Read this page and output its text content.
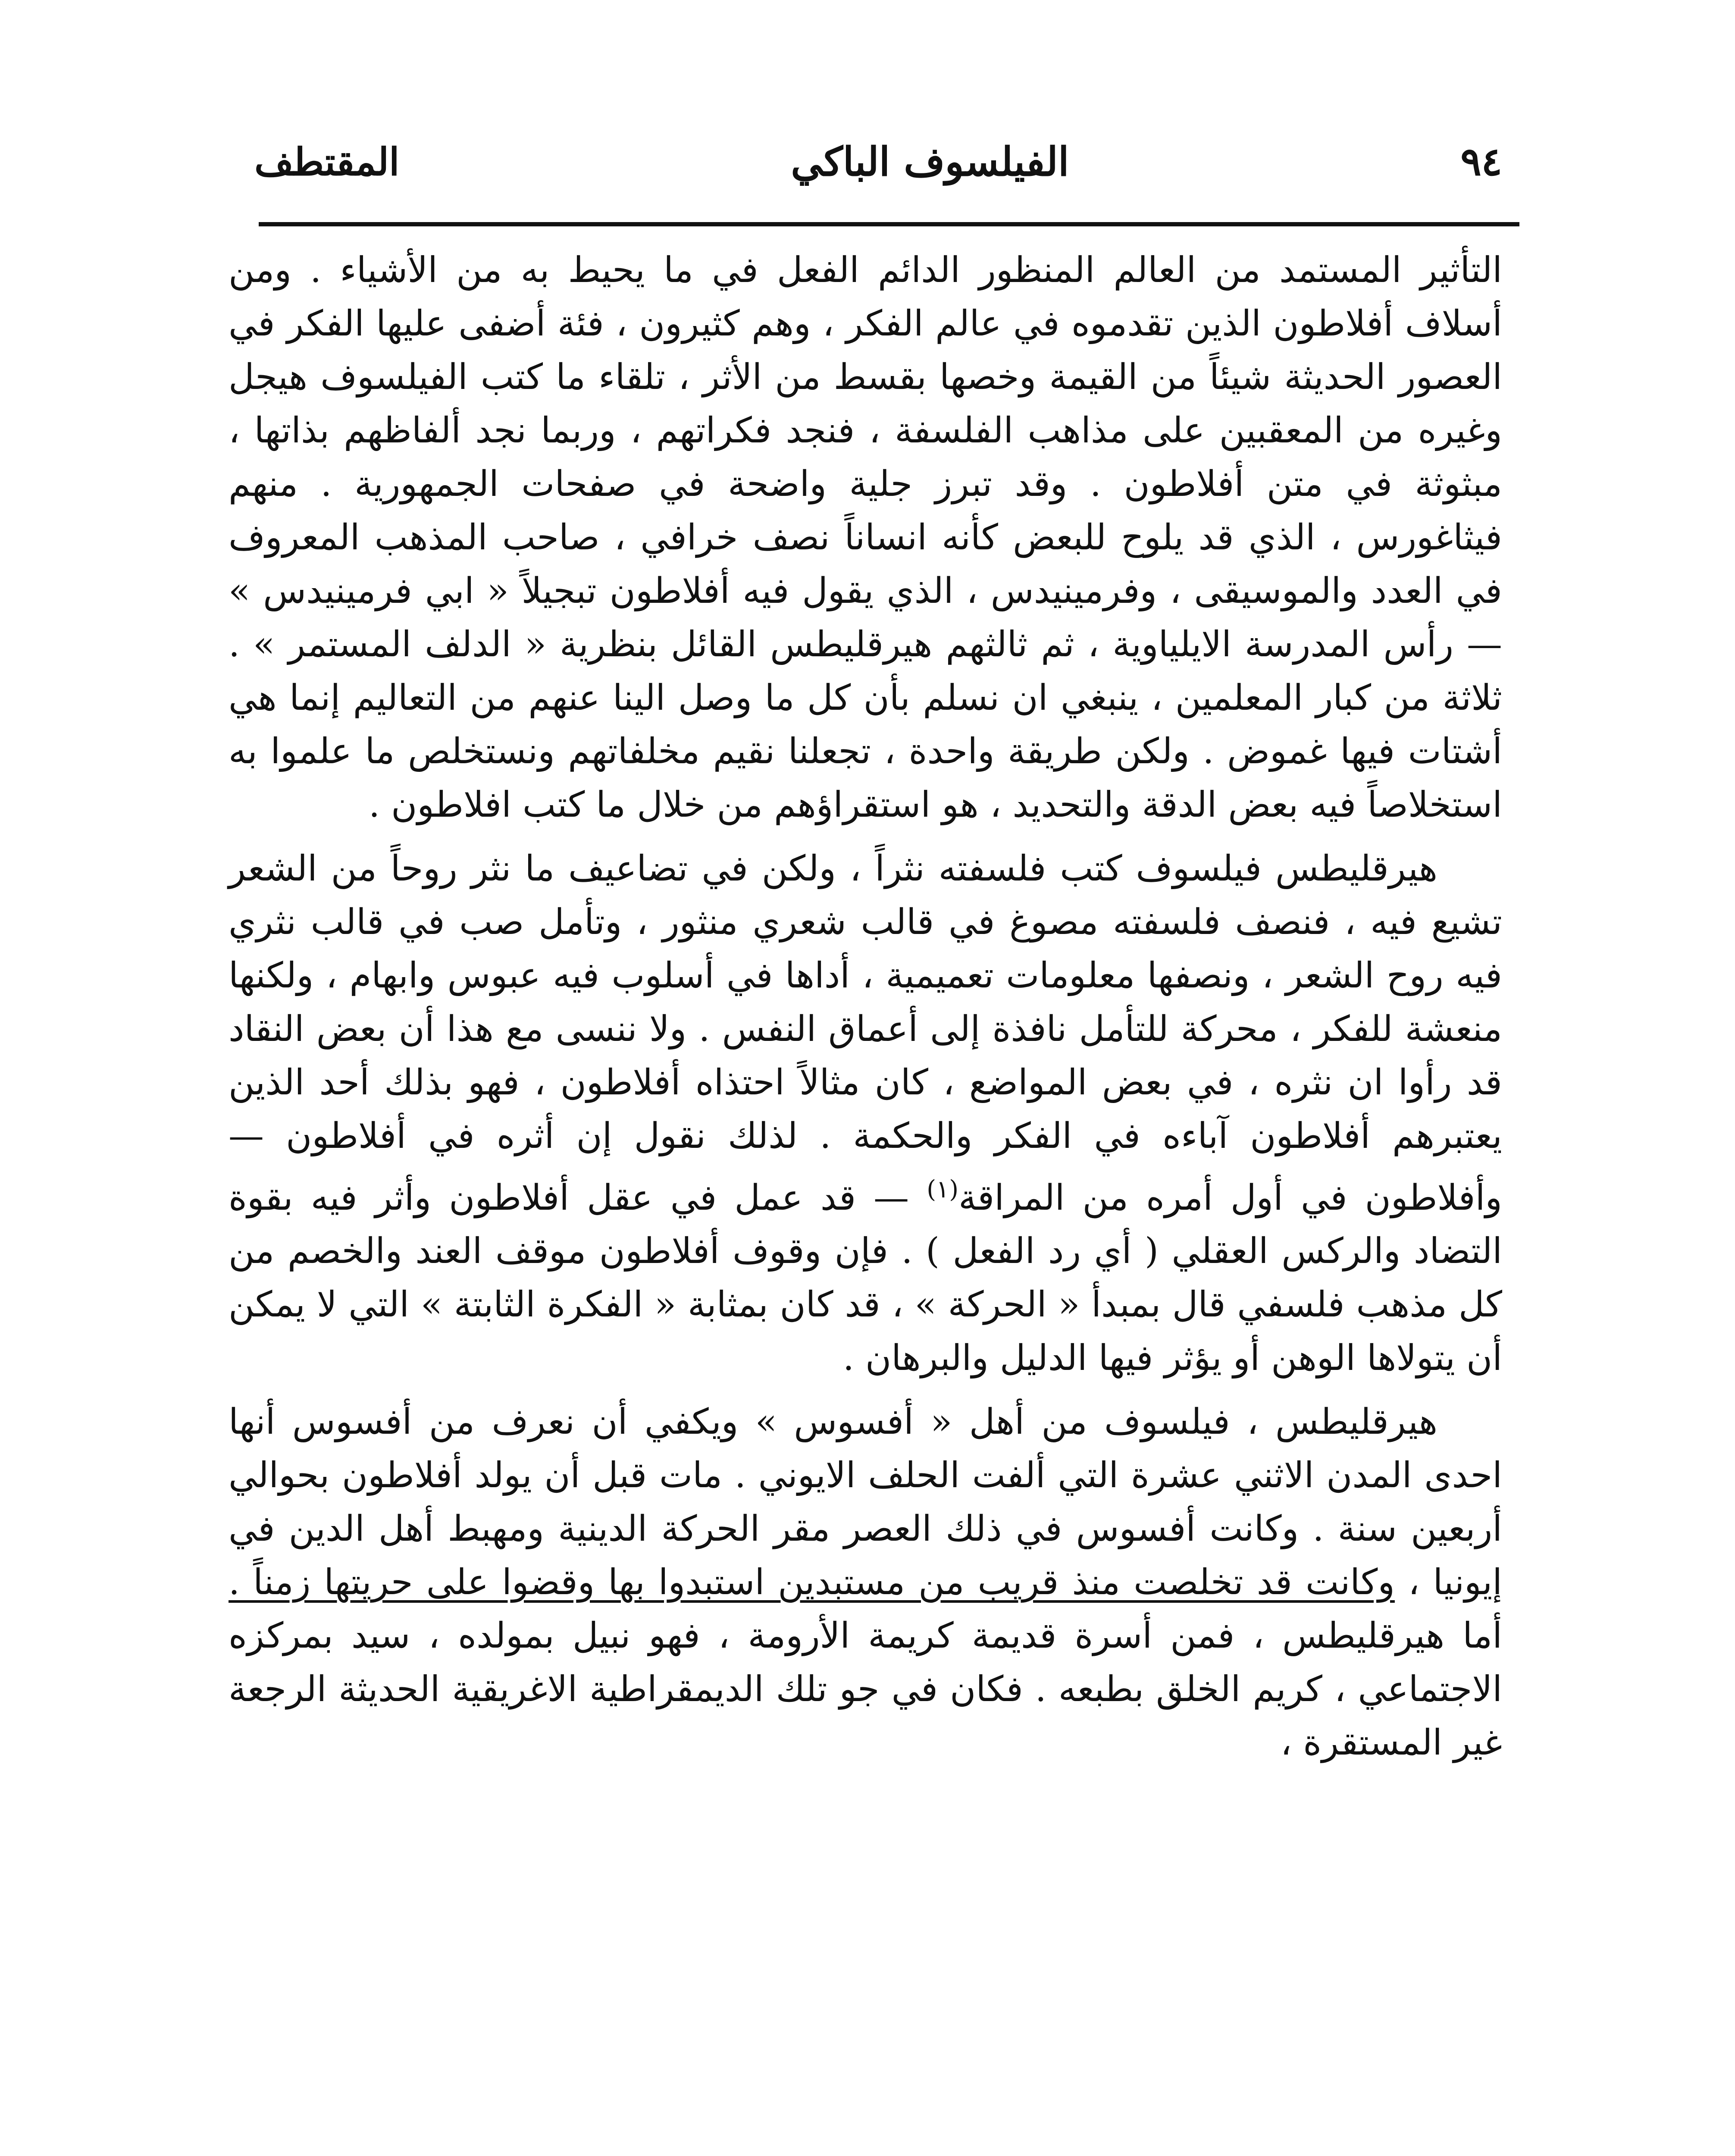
٩٤
الفيلسوف الباكي
المقتطف

التأثير المستمد من العالم المنظور الدائم الفعل في ما يحيط به من الأشياء . ومن أسلاف أفلاطون الذين تقدموه في عالم الفكر ، وهم كثيرون ، فئة أضفى عليها الفكر في العصور الحديثة شيئاً من القيمة وخصها بقسط من الأثر ، تلقاء ما كتب الفيلسوف هيجل وغيره من المعقبين على مذاهب الفلسفة ، فنجد فكراتهم ، وربما نجد ألفاظهم بذاتها ، مبثوثة في متن أفلاطون . وقد تبرز جلية واضحة في صفحات الجمهورية . منهم فيثاغورس ، الذي قد يلوح للبعض كأنه انساناً نصف خرافي ، صاحب المذهب المعروف في العدد والموسيقى ، وفرمينيدس ، الذي يقول فيه أفلاطون تبجيلاً « ابي فرمينيدس » — رأس المدرسة الايلياوية ، ثم ثالثهم هيرقليطس القائل بنظرية « الدلف المستمر » . ثلاثة من كبار المعلمين ، ينبغي ان نسلم بأن كل ما وصل الينا عنهم من التعاليم إنما هي أشتات فيها غموض . ولكن طريقة واحدة ، تجعلنا نقيم مخلفاتهم ونستخلص ما علموا به استخلاصاً فيه بعض الدقة والتحديد ، هو استقراؤهم من خلال ما كتب افلاطون .

هيرقليطس فيلسوف كتب فلسفته نثراً ، ولكن في تضاعيف ما نثر روحاً من الشعر تشيع فيه ، فنصف فلسفته مصوغ في قالب شعري منثور ، وتأمل صب في قالب نثري فيه روح الشعر ، ونصفها معلومات تعميمية ، أداها في أسلوب فيه عبوس وابهام ، ولكنها منعشة للفكر ، محركة للتأمل نافذة إلى أعماق النفس . ولا ننسى مع هذا أن بعض النقاد قد رأوا ان نثره ، في بعض المواضع ، كان مثالاً احتذاه أفلاطون ، فهو بذلك أحد الذين يعتبرهم أفلاطون آباءه في الفكر والحكمة . لذلك نقول إن أثره في أفلاطون — وأفلاطون في أول أمره من المراقة$^{(١)}$ — قد عمل في عقل أفلاطون وأثر فيه بقوة التضاد والركس العقلي ( أي رد الفعل ) . فإن وقوف أفلاطون موقف العند والخصم من كل مذهب فلسفي قال بمبدأ « الحركة » ، قد كان بمثابة « الفكرة الثابتة » التي لا يمكن أن يتولاها الوهن أو يؤثر فيها الدليل والبرهان .

هيرقليطس ، فيلسوف من أهل « أفسوس » ويكفي أن نعرف من أفسوس أنها احدى المدن الاثني عشرة التي ألفت الحلف الايوني . مات قبل أن يولد أفلاطون بحوالي أربعين سنة . وكانت أفسوس في ذلك العصر مقر الحركة الدينية ومهبط أهل الدين في إيونيا ، وكانت قد تخلصت منذ قريب من مستبدين استبدوا بها وقضوا على حريتها زمناً . أما هيرقليطس ، فمن أسرة قديمة كريمة الأرومة ، فهو نبيل بمولده ، سيد بمركزه الاجتماعي ، كريم الخلق بطبعه . فكان في جو تلك الديمقراطية الاغريقية الحديثة الرجعة غير المستقرة ،
